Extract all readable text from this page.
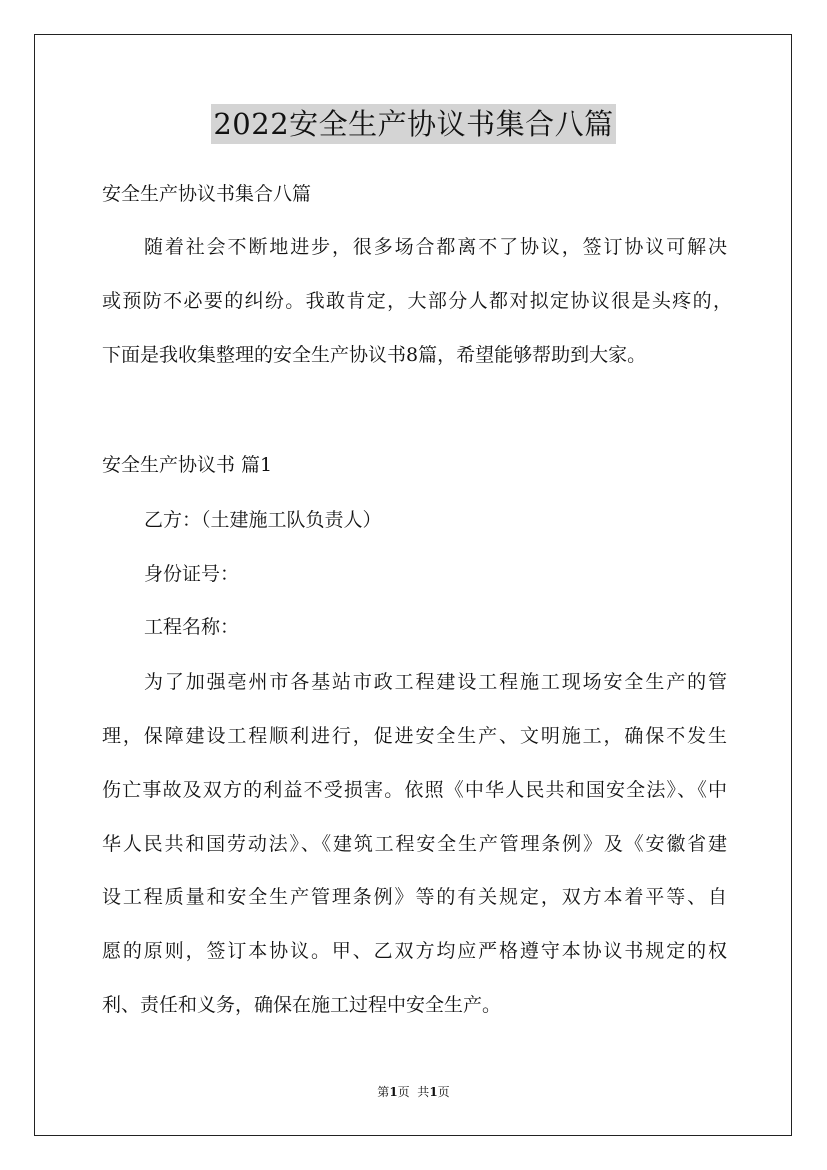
2022安全生产协议书集合八篇
安全生产协议书集合八篇
随着社会不断地进步，很多场合都离不了协议，签订协议可解决
或预防不必要的纠纷。我敢肯定，大部分人都对拟定协议很是头疼的，
下面是我收集整理的安全生产协议书8篇，希望能够帮助到大家。
安全生产协议书 篇1
乙方：（土建施工队负责人）
身份证号：
工程名称：
为了加强亳州市各基站市政工程建设工程施工现场安全生产的管
理，保障建设工程顺利进行，促进安全生产、文明施工，确保不发生
伤亡事故及双方的利益不受损害。依照《中华人民共和国安全法》、《中
华人民共和国劳动法》、《建筑工程安全生产管理条例》及《安徽省建
设工程质量和安全生产管理条例》等的有关规定，双方本着平等、自
愿的原则，签订本协议。甲、乙双方均应严格遵守本协议书规定的权
利、责任和义务，确保在施工过程中安全生产。
第1页  共1页
